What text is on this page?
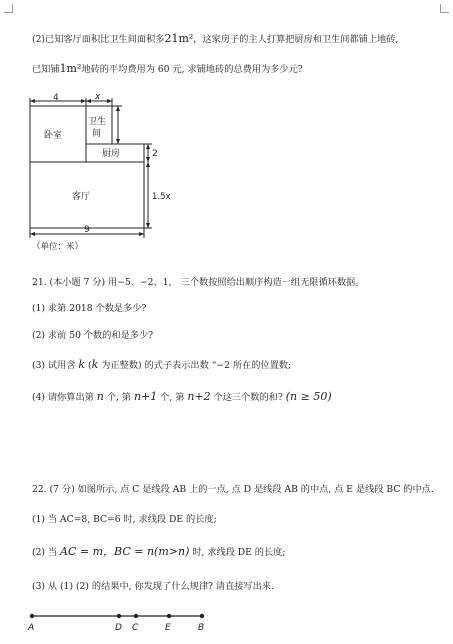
(2)已知客厅面积比卫生间面积多21m²，这家房子的主人打算把厨房和卫生间都铺上地砖,
已知铺1m²地砖的平均费用为 60 元, 求铺地砖的总费用为多少元?
4	x
卧室
卫生
间
厨房
客厅
2
1.5x
9
（单位：米）
21. (本小题 7 分) 用−5、−2、1， 三个数按照给出顺序构造一组无限循环数据。
(1) 求第 2018 个数是多少?
(2) 求前 50 个数的和是多少?
(3) 试用含 k (k 为正整数) 的式子表示出数 “−2 所在的位置数;
(4) 请你算出第 n 个, 第 n+1 个, 第 n+2 个这三个数的和? (n ≥ 50)
22. (7 分) 如图所示, 点 C 是线段 AB 上的一点, 点 D 是线段 AB 的中点, 点 E 是线段 BC 的中点.
(1) 当 AC=8, BC=6 时, 求线段 DE 的长度;
(2) 当 AC = m，BC = n(m>n) 时, 求线段 DE 的长度;
(3) 从 (1) (2) 的结果中, 你发现了什么规律? 请直接写出来.
A	D C	E	B
